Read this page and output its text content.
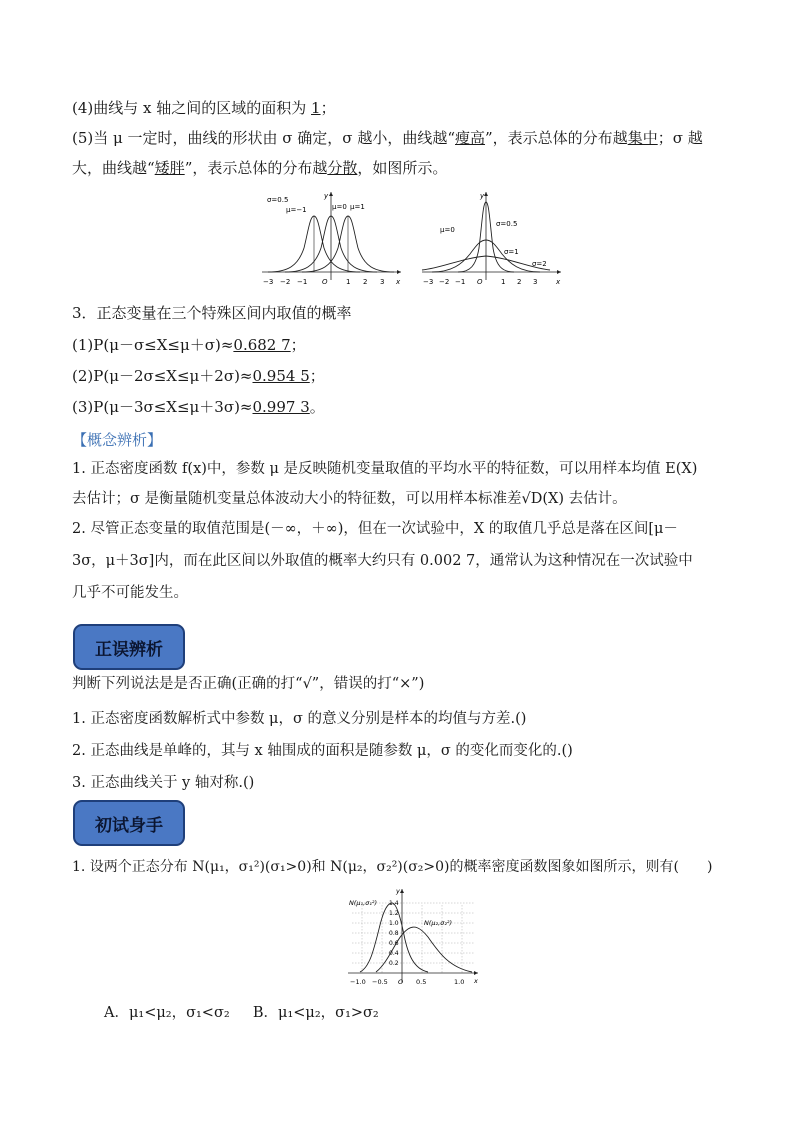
(4)曲线与 x 轴之间的区域的面积为 1；
(5)当 μ 一定时，曲线的形状由 σ 确定，σ 越小，曲线越“瘦高”，表示总体的分布越集中；σ 越
大，曲线越“矮胖”，表示总体的分布越分散，如图所示。
σ=0.5
μ=−1	μ=0 μ=1
y
x
−3 −2 −1 O	1 2 3
μ=0
σ=0.5
σ=1
σ=2
y
x
−3 −2 −1 O	1 2 3
3．正态变量在三个特殊区间内取值的概率
(1)P(μ－σ≤X≤μ＋σ)≈0.682 7；
(2)P(μ－2σ≤X≤μ＋2σ)≈0.954 5；
(3)P(μ－3σ≤X≤μ＋3σ)≈0.997 3。
【概念辨析】
1. 正态密度函数 f(x)中，参数 μ 是反映随机变量取值的平均水平的特征数，可以用样本均值 E(X)
去估计；σ 是衡量随机变量总体波动大小的特征数，可以用样本标准差√D(X) 去估计。
2. 尽管正态变量的取值范围是(－∞，＋∞)，但在一次试验中，X 的取值几乎总是落在区间[μ－
3σ，μ＋3σ]内，而在此区间以外取值的概率大约只有 0.002 7，通常认为这种情况在一次试验中
几乎不可能发生。
正误辨析
判断下列说法是是否正确(正确的打“√”，错误的打“×”)
1. 正态密度函数解析式中参数 μ，σ 的意义分别是样本的均值与方差.()
2. 正态曲线是单峰的，其与 x 轴围成的面积是随参数 μ，σ 的变化而变化的.()
3. 正态曲线关于 y 轴对称.()
初试身手
1. 设两个正态分布 N(μ₁，σ₁²)(σ₁>0)和 N(μ₂，σ₂²)(σ₂>0)的概率密度函数图象如图所示，则有(　　)
N(μ₁,σ₁²)
N(μ₂,σ₂²)
y
x
1.4
1.2
1.0
0.8
0.6
0.4
0.2
−1.0 −0.5 O 0.5	1.0
A．μ₁<μ₂，σ₁<σ₂ B．μ₁<μ₂，σ₁>σ₂
